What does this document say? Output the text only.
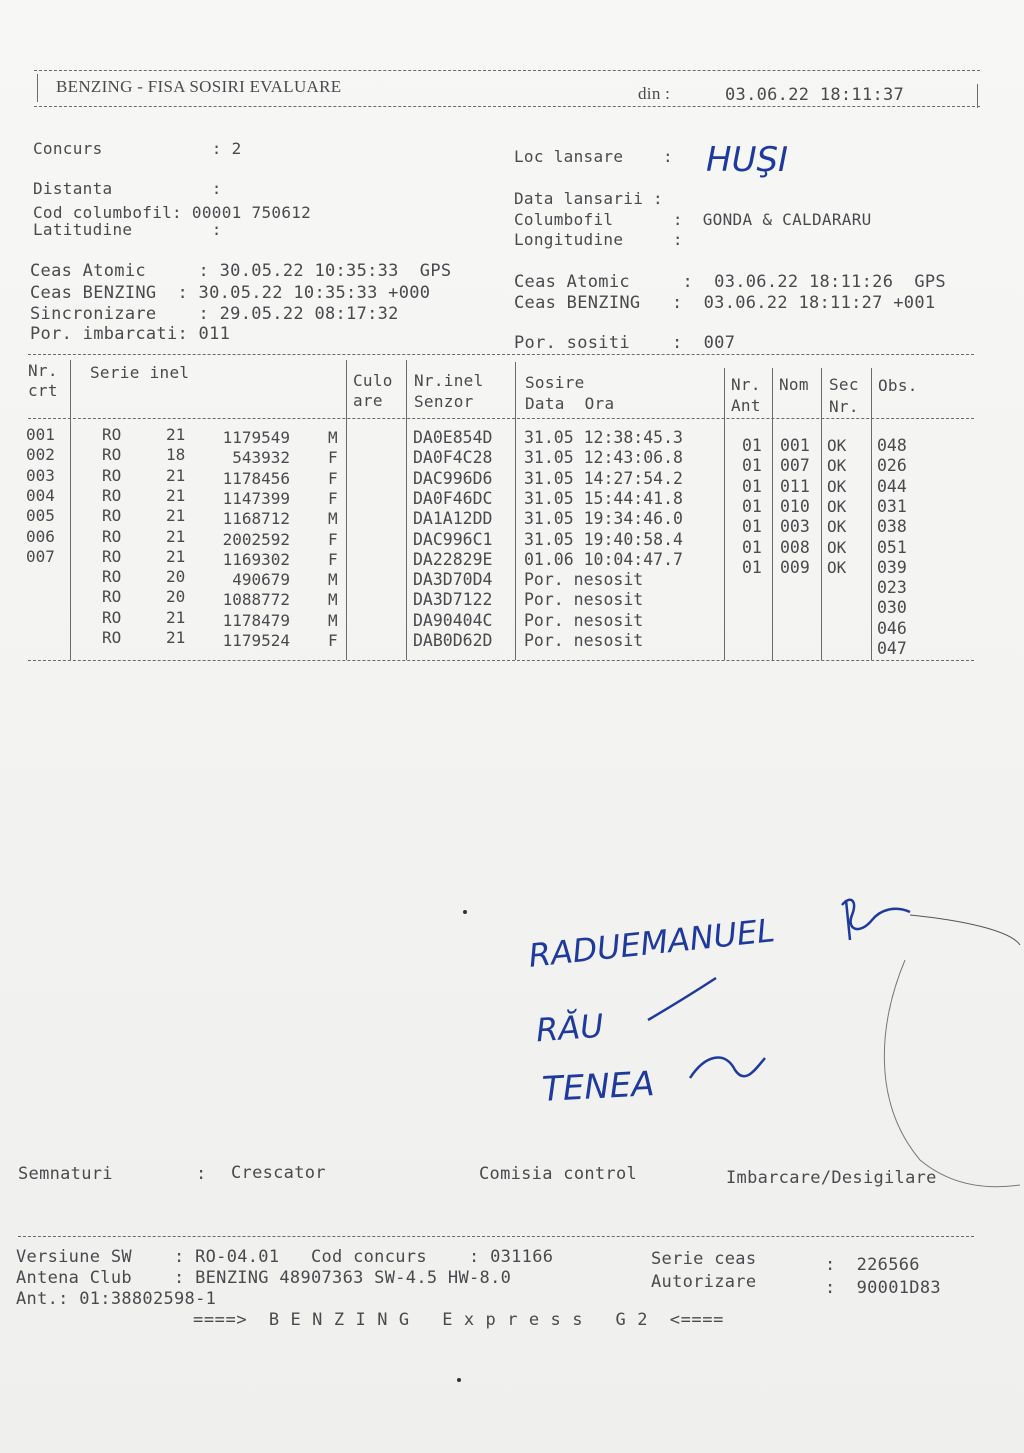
BENZING - FISA SOSIRI EVALUARE	din :	03.06.22 18:11:37
Concurs           : 2
Distanta          :
Cod columbofil: 00001 750612
Latitudine        :
Ceas Atomic     : 30.05.22 10:35:33  GPS
Ceas BENZING  : 30.05.22 10:35:33 +000
Sincronizare    : 29.05.22 08:17:32
Por. imbarcati: 011
Loc lansare    : HUŞI
Data lansarii :
Columbofil      :  GONDA & CALDARARU
Longitudine     :
Ceas Atomic     :  03.06.22 18:11:26  GPS
Ceas BENZING   :  03.06.22 18:11:27 +001
Por. sositi    :  007
Nr.
crt
Serie inel	Culo
are
Nr.inel
Senzor
Sosire
Data  Ora
Nr.
Ant
Nom Sec
Nr.
Obs.
001	RO	21	1179549 M	DA0E854D 31.05 12:38:45.3	01 001 OK 048
002	RO	18	543932 F	DA0F4C28 31.05 12:43:06.8	01 007 OK 026
003	RO	21	1178456 F	DAC996D6 31.05 14:27:54.2	01 011 OK 044
004	RO	21	1147399 F	DA0F46DC 31.05 15:44:41.8	01 010 OK 031
005	RO	21	1168712 M	DA1A12DD 31.05 19:34:46.0	01 003 OK 038
006	RO	21	2002592 F	DAC996C1 31.05 19:40:58.4	01 008 OK 051
007	RO	21	1169302 F	DA22829E 01.06 10:04:47.7	01 009 OK 039
RO	20	490679 M	DA3D70D4 Por. nesosit	023
RO	20	1088772 M	DA3D7122 Por. nesosit	030
RO	21	1178479 M	DA90404C Por. nesosit	046
RO	21	1179524 F	DAB0D62D Por. nesosit	047
RADUEMANUEL
RĂU
TENEA
Semnaturi	: Crescator	Comisia control	Imbarcare/Desigilare
Versiune SW    : RO-04.01   Cod concurs    : 031166	Serie ceas	:  226566
Antena Club    : BENZING 48907363 SW-4.5 HW-8.0	Autorizare	:  90001D83
Ant.: 01:38802598-1
====>  B E N Z I N G   E x p r e s s   G 2  <====
